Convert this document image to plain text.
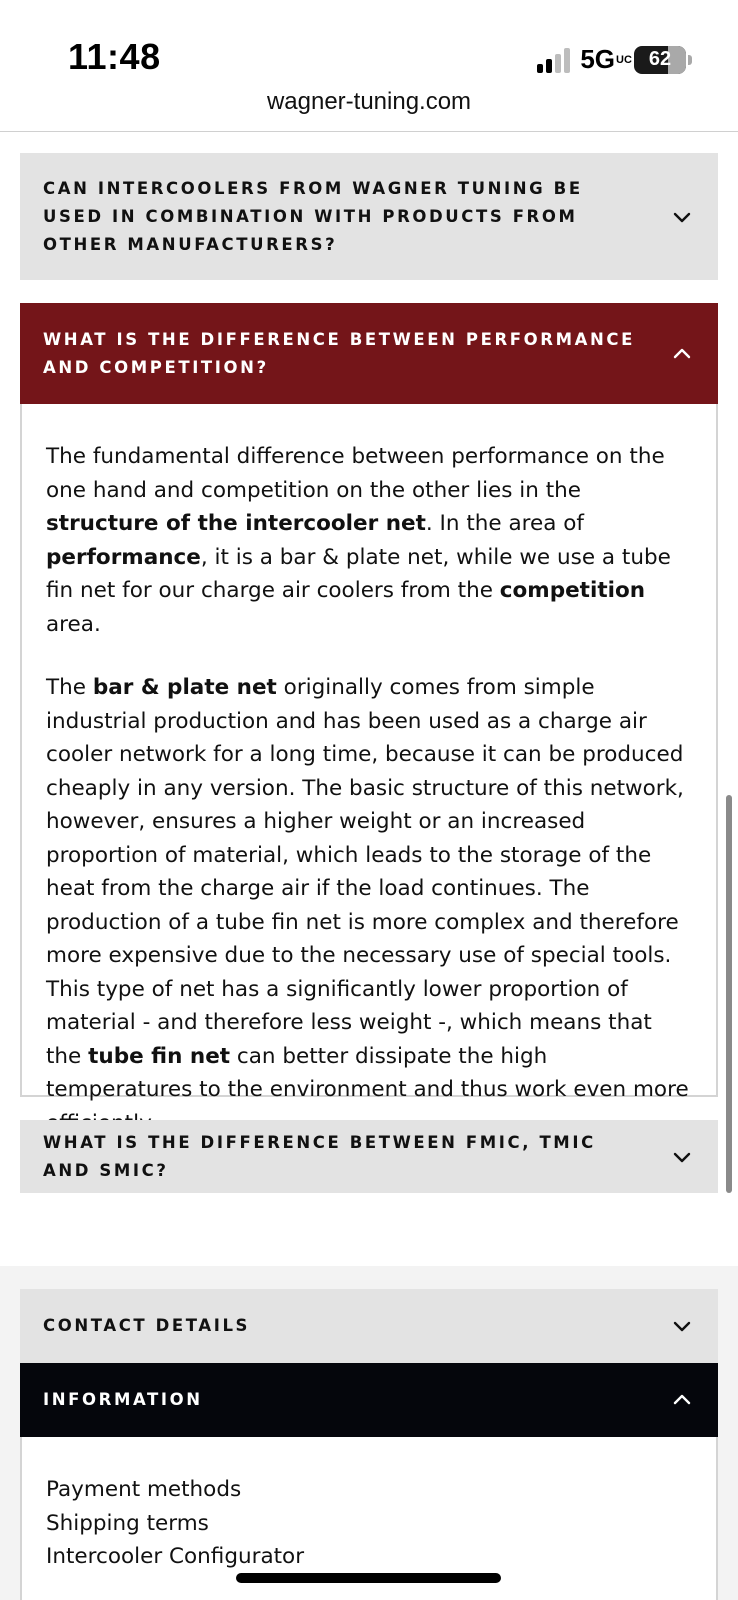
11:48	5G UC 62
wagner-tuning.com
CAN INTERCOOLERS FROM WAGNER TUNING BE USED IN COMBINATION WITH PRODUCTS FROM OTHER MANUFACTURERS?
WHAT IS THE DIFFERENCE BETWEEN PERFORMANCE AND COMPETITION?

The fundamental difference between performance on the one hand and competition on the other lies in the structure of the intercooler net. In the area of performance, it is a bar & plate net, while we use a tube fin net for our charge air coolers from the competition area.

The bar & plate net originally comes from simple industrial production and has been used as a charge air cooler network for a long time, because it can be produced cheaply in any version. The basic structure of this network, however, ensures a higher weight or an increased proportion of material, which leads to the storage of the heat from the charge air if the load continues. The production of a tube fin net is more complex and therefore more expensive due to the necessary use of special tools. This type of net has a significantly lower proportion of material - and therefore less weight -, which means that the tube fin net can better dissipate the high temperatures to the environment and thus work even more

WHAT IS THE DIFFERENCE BETWEEN FMIC, TMIC AND SMIC?
CONTACT DETAILS
INFORMATION
Payment methods
Shipping terms
Intercooler Configurator
